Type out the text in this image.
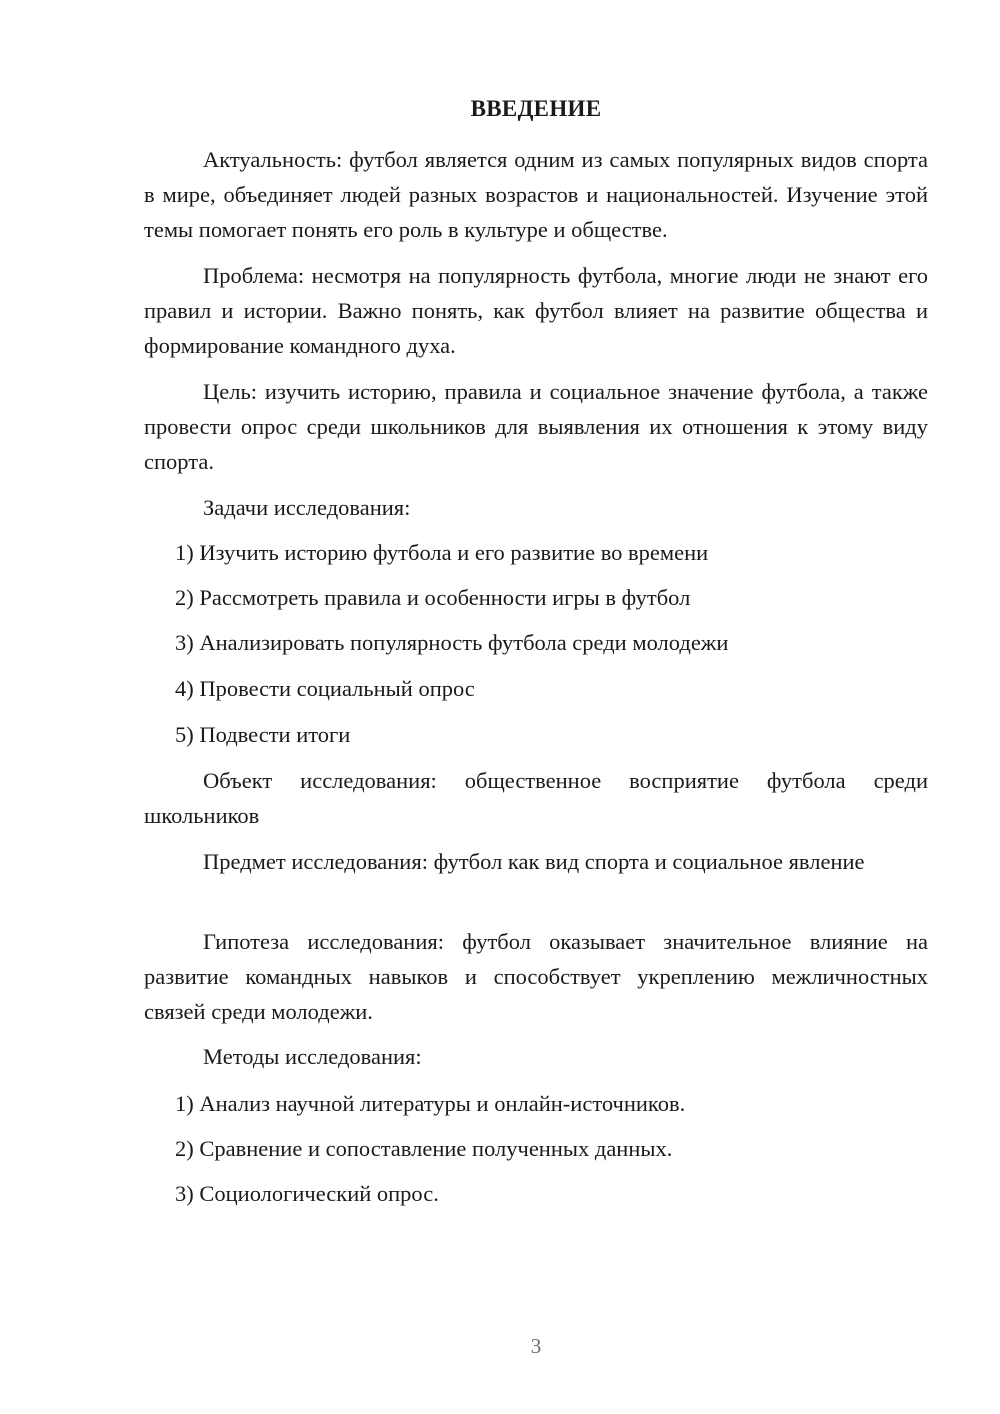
ВВЕДЕНИЕ

Актуальность: футбол является одним из самых популярных видов спорта в мире, объединяет людей разных возрастов и национальностей. Изучение этой темы помогает понять его роль в культуре и обществе.

Проблема: несмотря на популярность футбола, многие люди не знают его правил и истории. Важно понять, как футбол влияет на развитие общества и формирование командного духа.

Цель: изучить историю, правила и социальное значение футбола, а также провести опрос среди школьников для выявления их отношения к этому виду спорта.

Задачи исследования:
1) Изучить историю футбола и его развитие во времени
2) Рассмотреть правила и особенности игры в футбол
3) Анализировать популярность футбола среди молодежи
4) Провести социальный опрос
5) Подвести итоги

Объект исследования: общественное восприятие футбола среди школьников

Предмет исследования: футбол как вид спорта и социальное явление

Гипотеза исследования: футбол оказывает значительное влияние на развитие командных навыков и способствует укреплению межличностных связей среди молодежи.

Методы исследования:
1) Анализ научной литературы и онлайн-источников.
2) Сравнение и сопоставление полученных данных.
3) Социологический опрос.
3
